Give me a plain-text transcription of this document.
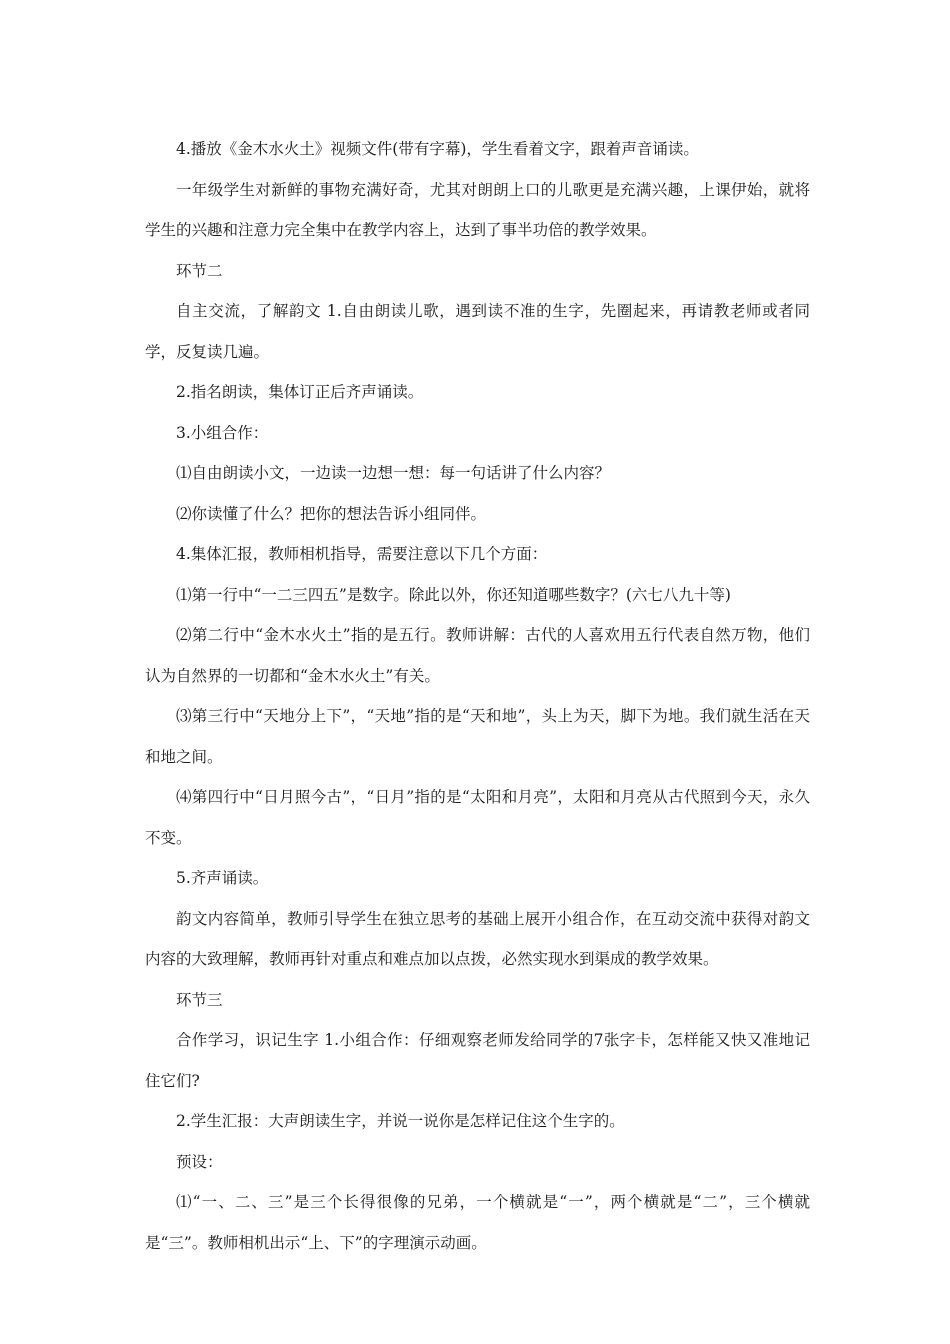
4.播放《金木水火土》视频文件(带有字幕)，学生看着文字，跟着声音诵读。

一年级学生对新鲜的事物充满好奇，尤其对朗朗上口的儿歌更是充满兴趣，上课伊始，就将学生的兴趣和注意力完全集中在教学内容上，达到了事半功倍的教学效果。

环节二

自主交流，了解韵文 1.自由朗读儿歌，遇到读不准的生字，先圈起来，再请教老师或者同学，反复读几遍。

2.指名朗读，集体订正后齐声诵读。

3.小组合作：

⑴自由朗读小文，一边读一边想一想：每一句话讲了什么内容？

⑵你读懂了什么？把你的想法告诉小组同伴。

4.集体汇报，教师相机指导，需要注意以下几个方面：

⑴第一行中“一二三四五”是数字。除此以外，你还知道哪些数字？(六七八九十等)

⑵第二行中“金木水火土”指的是五行。教师讲解：古代的人喜欢用五行代表自然万物，他们认为自然界的一切都和“金木水火土”有关。

⑶第三行中“天地分上下”，“天地”指的是“天和地”，头上为天，脚下为地。我们就生活在天和地之间。

⑷第四行中“日月照今古”，“日月”指的是“太阳和月亮”，太阳和月亮从古代照到今天，永久不变。

5.齐声诵读。

韵文内容简单，教师引导学生在独立思考的基础上展开小组合作，在互动交流中获得对韵文内容的大致理解，教师再针对重点和难点加以点拨，必然实现水到渠成的教学效果。

环节三

合作学习，识记生字 1.小组合作：仔细观察老师发给同学的7张字卡，怎样能又快又准地记住它们?

2.学生汇报：大声朗读生字，并说一说你是怎样记住这个生字的。

预设：

⑴“一、二、三”是三个长得很像的兄弟，一个横就是“一”，两个横就是“二”，三个横就是“三”。教师相机出示“上、下”的字理演示动画。
